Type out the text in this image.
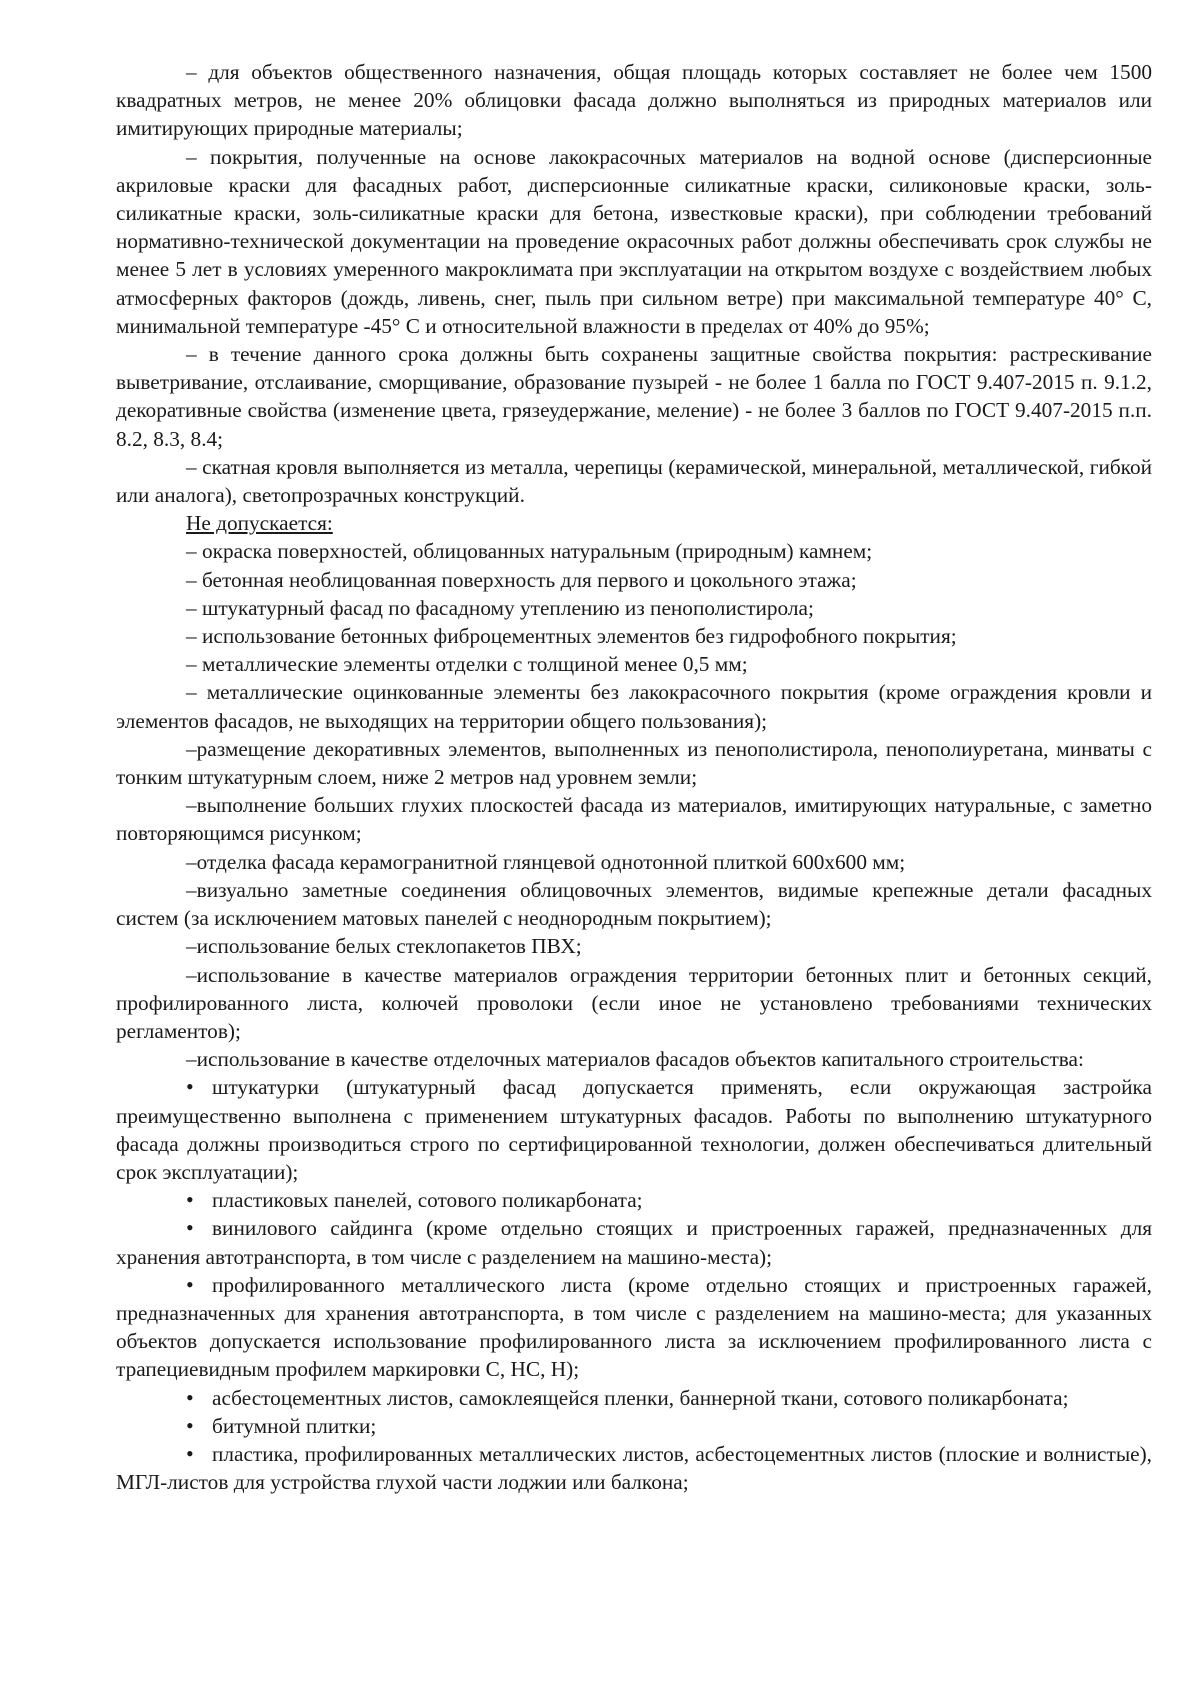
– для объектов общественного назначения, общая площадь которых составляет не более чем 1500 квадратных метров, не менее 20% облицовки фасада должно выполняться из природных материалов или имитирующих природные материалы;

– покрытия, полученные на основе лакокрасочных материалов на водной основе (дисперсионные акриловые краски для фасадных работ, дисперсионные силикатные краски, силиконовые краски, золь-силикатные краски, золь-силикатные краски для бетона, известковые краски), при соблюдении требований нормативно-технической документации на проведение окрасочных работ должны обеспечивать срок службы не менее 5 лет в условиях умеренного макроклимата при эксплуатации на открытом воздухе с воздействием любых атмосферных факторов (дождь, ливень, снег, пыль при сильном ветре) при максимальной температуре 40° С, минимальной температуре -45° С и относительной влажности в пределах от 40% до 95%;

– в течение данного срока должны быть сохранены защитные свойства покрытия: растрескивание выветривание, отслаивание, сморщивание, образование пузырей - не более 1 балла по ГОСТ 9.407-2015 п. 9.1.2, декоративные свойства (изменение цвета, грязеудержание, меление) - не более 3 баллов по ГОСТ 9.407-2015 п.п. 8.2, 8.3, 8.4;

– скатная кровля выполняется из металла, черепицы (керамической, минеральной, металлической, гибкой или аналога), светопрозрачных конструкций.

Не допускается:

– окраска поверхностей, облицованных натуральным (природным) камнем;

– бетонная необлицованная поверхность для первого и цокольного этажа;

– штукатурный фасад по фасадному утеплению из пенополистирола;

– использование бетонных фиброцементных элементов без гидрофобного покрытия;

– металлические элементы отделки с толщиной менее 0,5 мм;

– металлические оцинкованные элементы без лакокрасочного покрытия (кроме ограждения кровли и элементов фасадов, не выходящих на территории общего пользования);

–размещение декоративных элементов, выполненных из пенополистирола, пенополиуретана, минваты с тонким штукатурным слоем, ниже 2 метров над уровнем земли;

–выполнение больших глухих плоскостей фасада из материалов, имитирующих натуральные, с заметно повторяющимся рисунком;

–отделка фасада керамогранитной глянцевой однотонной плиткой 600х600 мм;

–визуально заметные соединения облицовочных элементов, видимые крепежные детали фасадных систем (за исключением матовых панелей с неоднородным покрытием);

–использование белых стеклопакетов ПВХ;

–использование в качестве материалов ограждения территории бетонных плит и бетонных секций, профилированного листа, колючей проволоки (если иное не установлено требованиями технических регламентов);

–использование в качестве отделочных материалов фасадов объектов капитального строительства:

•штукатурки (штукатурный фасад допускается применять, если окружающая застройка преимущественно выполнена с применением штукатурных фасадов. Работы по выполнению штукатурного фасада должны производиться строго по сертифицированной технологии, должен обеспечиваться длительный срок эксплуатации);

•пластиковых панелей, сотового поликарбоната;

•винилового сайдинга (кроме отдельно стоящих и пристроенных гаражей, предназначенных для хранения автотранспорта, в том числе с разделением на машино-места);

•профилированного металлического листа (кроме отдельно стоящих и пристроенных гаражей, предназначенных для хранения автотранспорта, в том числе с разделением на машино-места; для указанных объектов допускается использование профилированного листа за исключением профилированного листа с трапециевидным профилем маркировки С, НС, Н);

•асбестоцементных листов, самоклеящейся пленки, баннерной ткани, сотового поликарбоната;

•битумной плитки;

•пластика, профилированных металлических листов, асбестоцементных листов (плоские и волнистые), МГЛ-листов для устройства глухой части лоджии или балкона;
